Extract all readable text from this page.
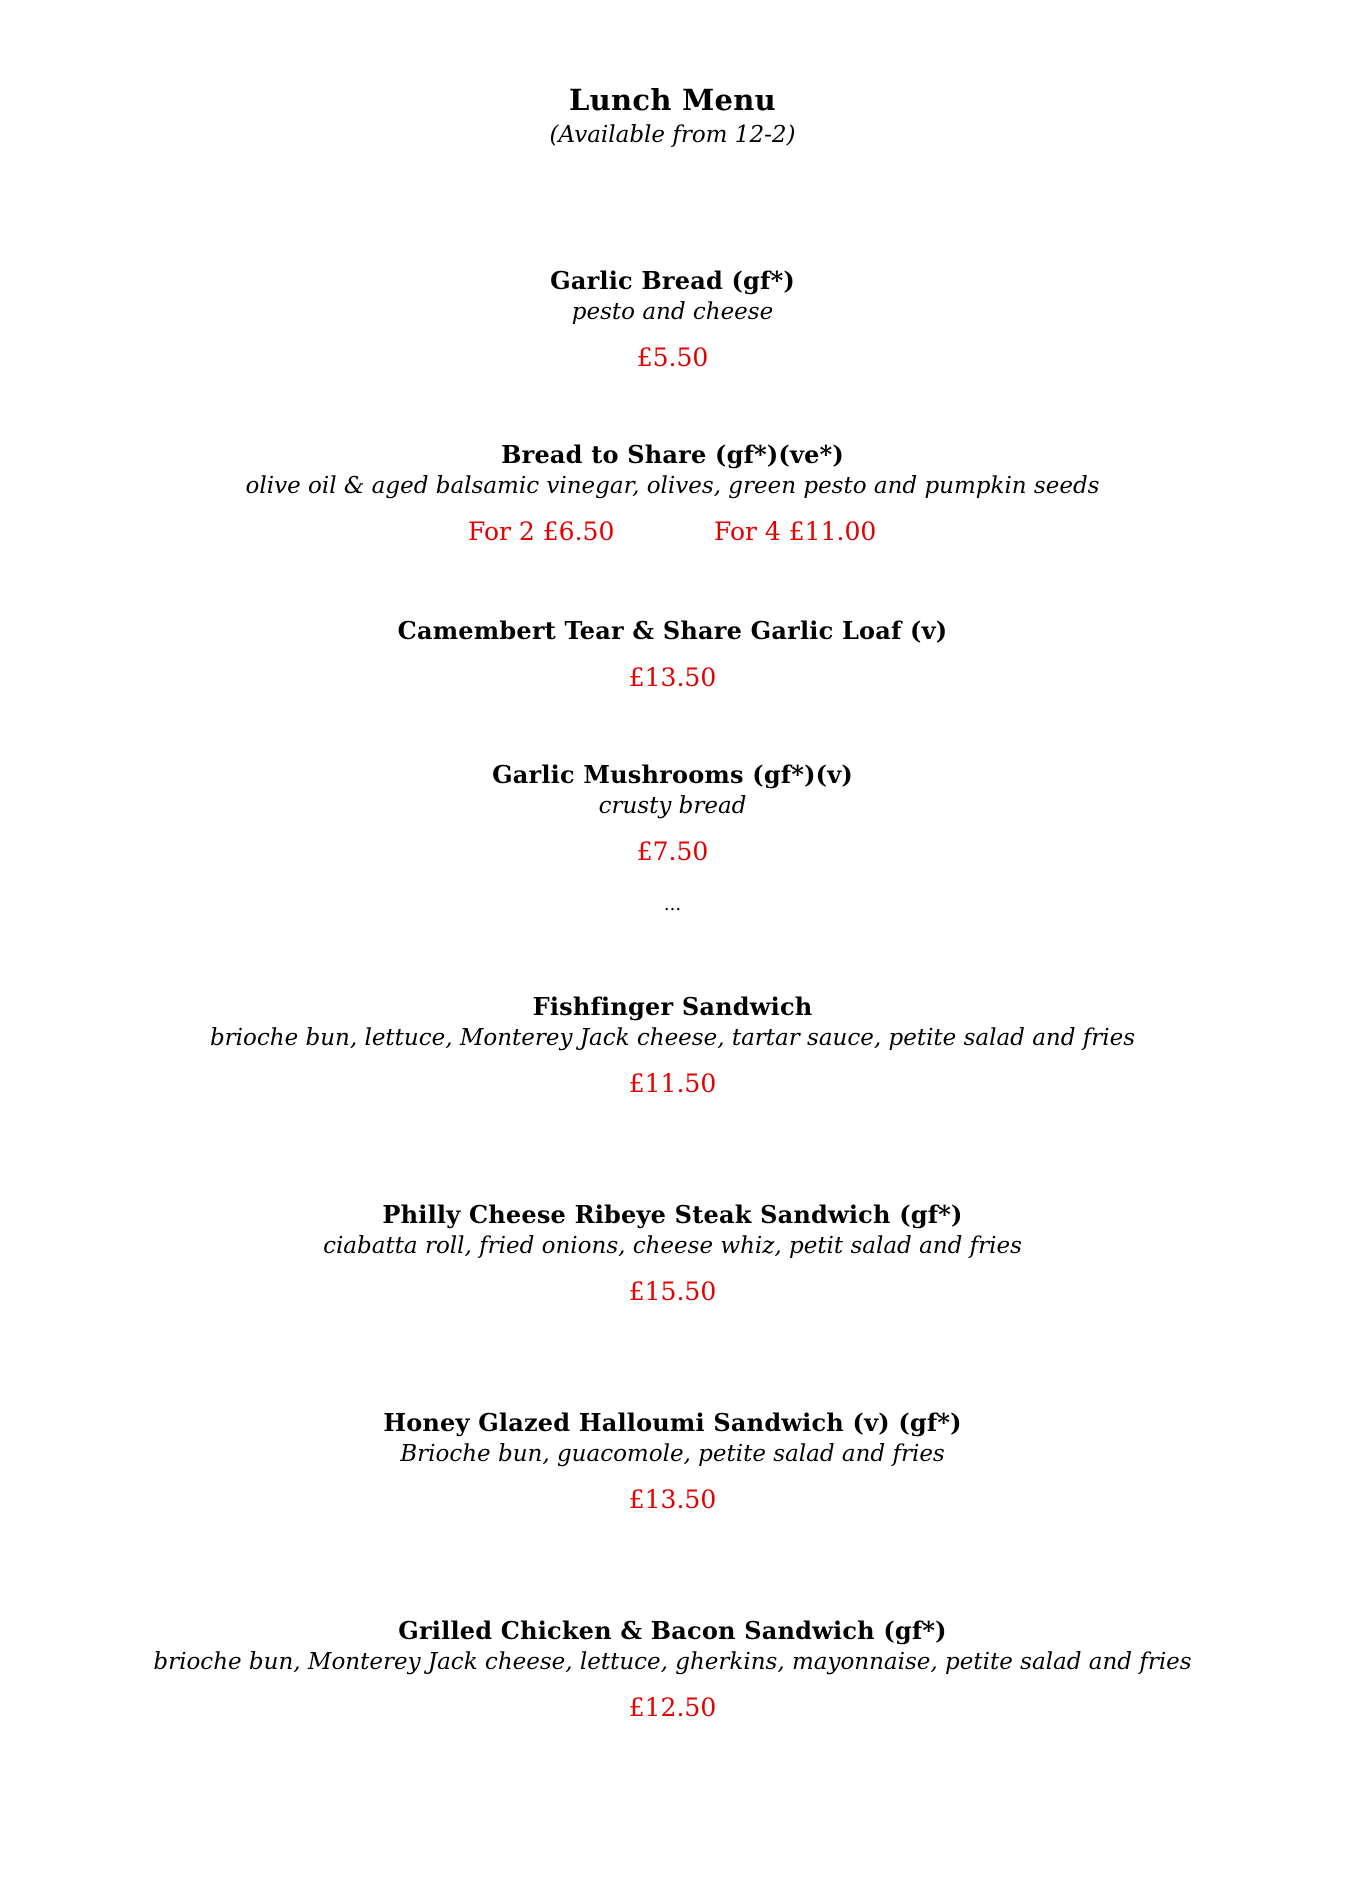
Lunch Menu
(Available from 12-2)
Garlic Bread (gf*)
pesto and cheese
£5.50
Bread to Share (gf*)(ve*)
olive oil & aged balsamic vinegar, olives, green pesto and pumpkin seeds
For 2 £6.50	For 4 £11.00
Camembert Tear & Share Garlic Loaf (v)
£13.50
Garlic Mushrooms (gf*)(v)
crusty bread
£7.50
...
Fishfinger Sandwich
brioche bun, lettuce, Monterey Jack cheese, tartar sauce, petite salad and fries
£11.50
Philly Cheese Ribeye Steak Sandwich (gf*)
ciabatta roll, fried onions, cheese whiz, petit salad and fries
£15.50
Honey Glazed Halloumi Sandwich (v) (gf*)
Brioche bun, guacomole, petite salad and fries
£13.50
Grilled Chicken & Bacon Sandwich (gf*)
brioche bun, Monterey Jack cheese, lettuce, gherkins, mayonnaise, petite salad and fries
£12.50
